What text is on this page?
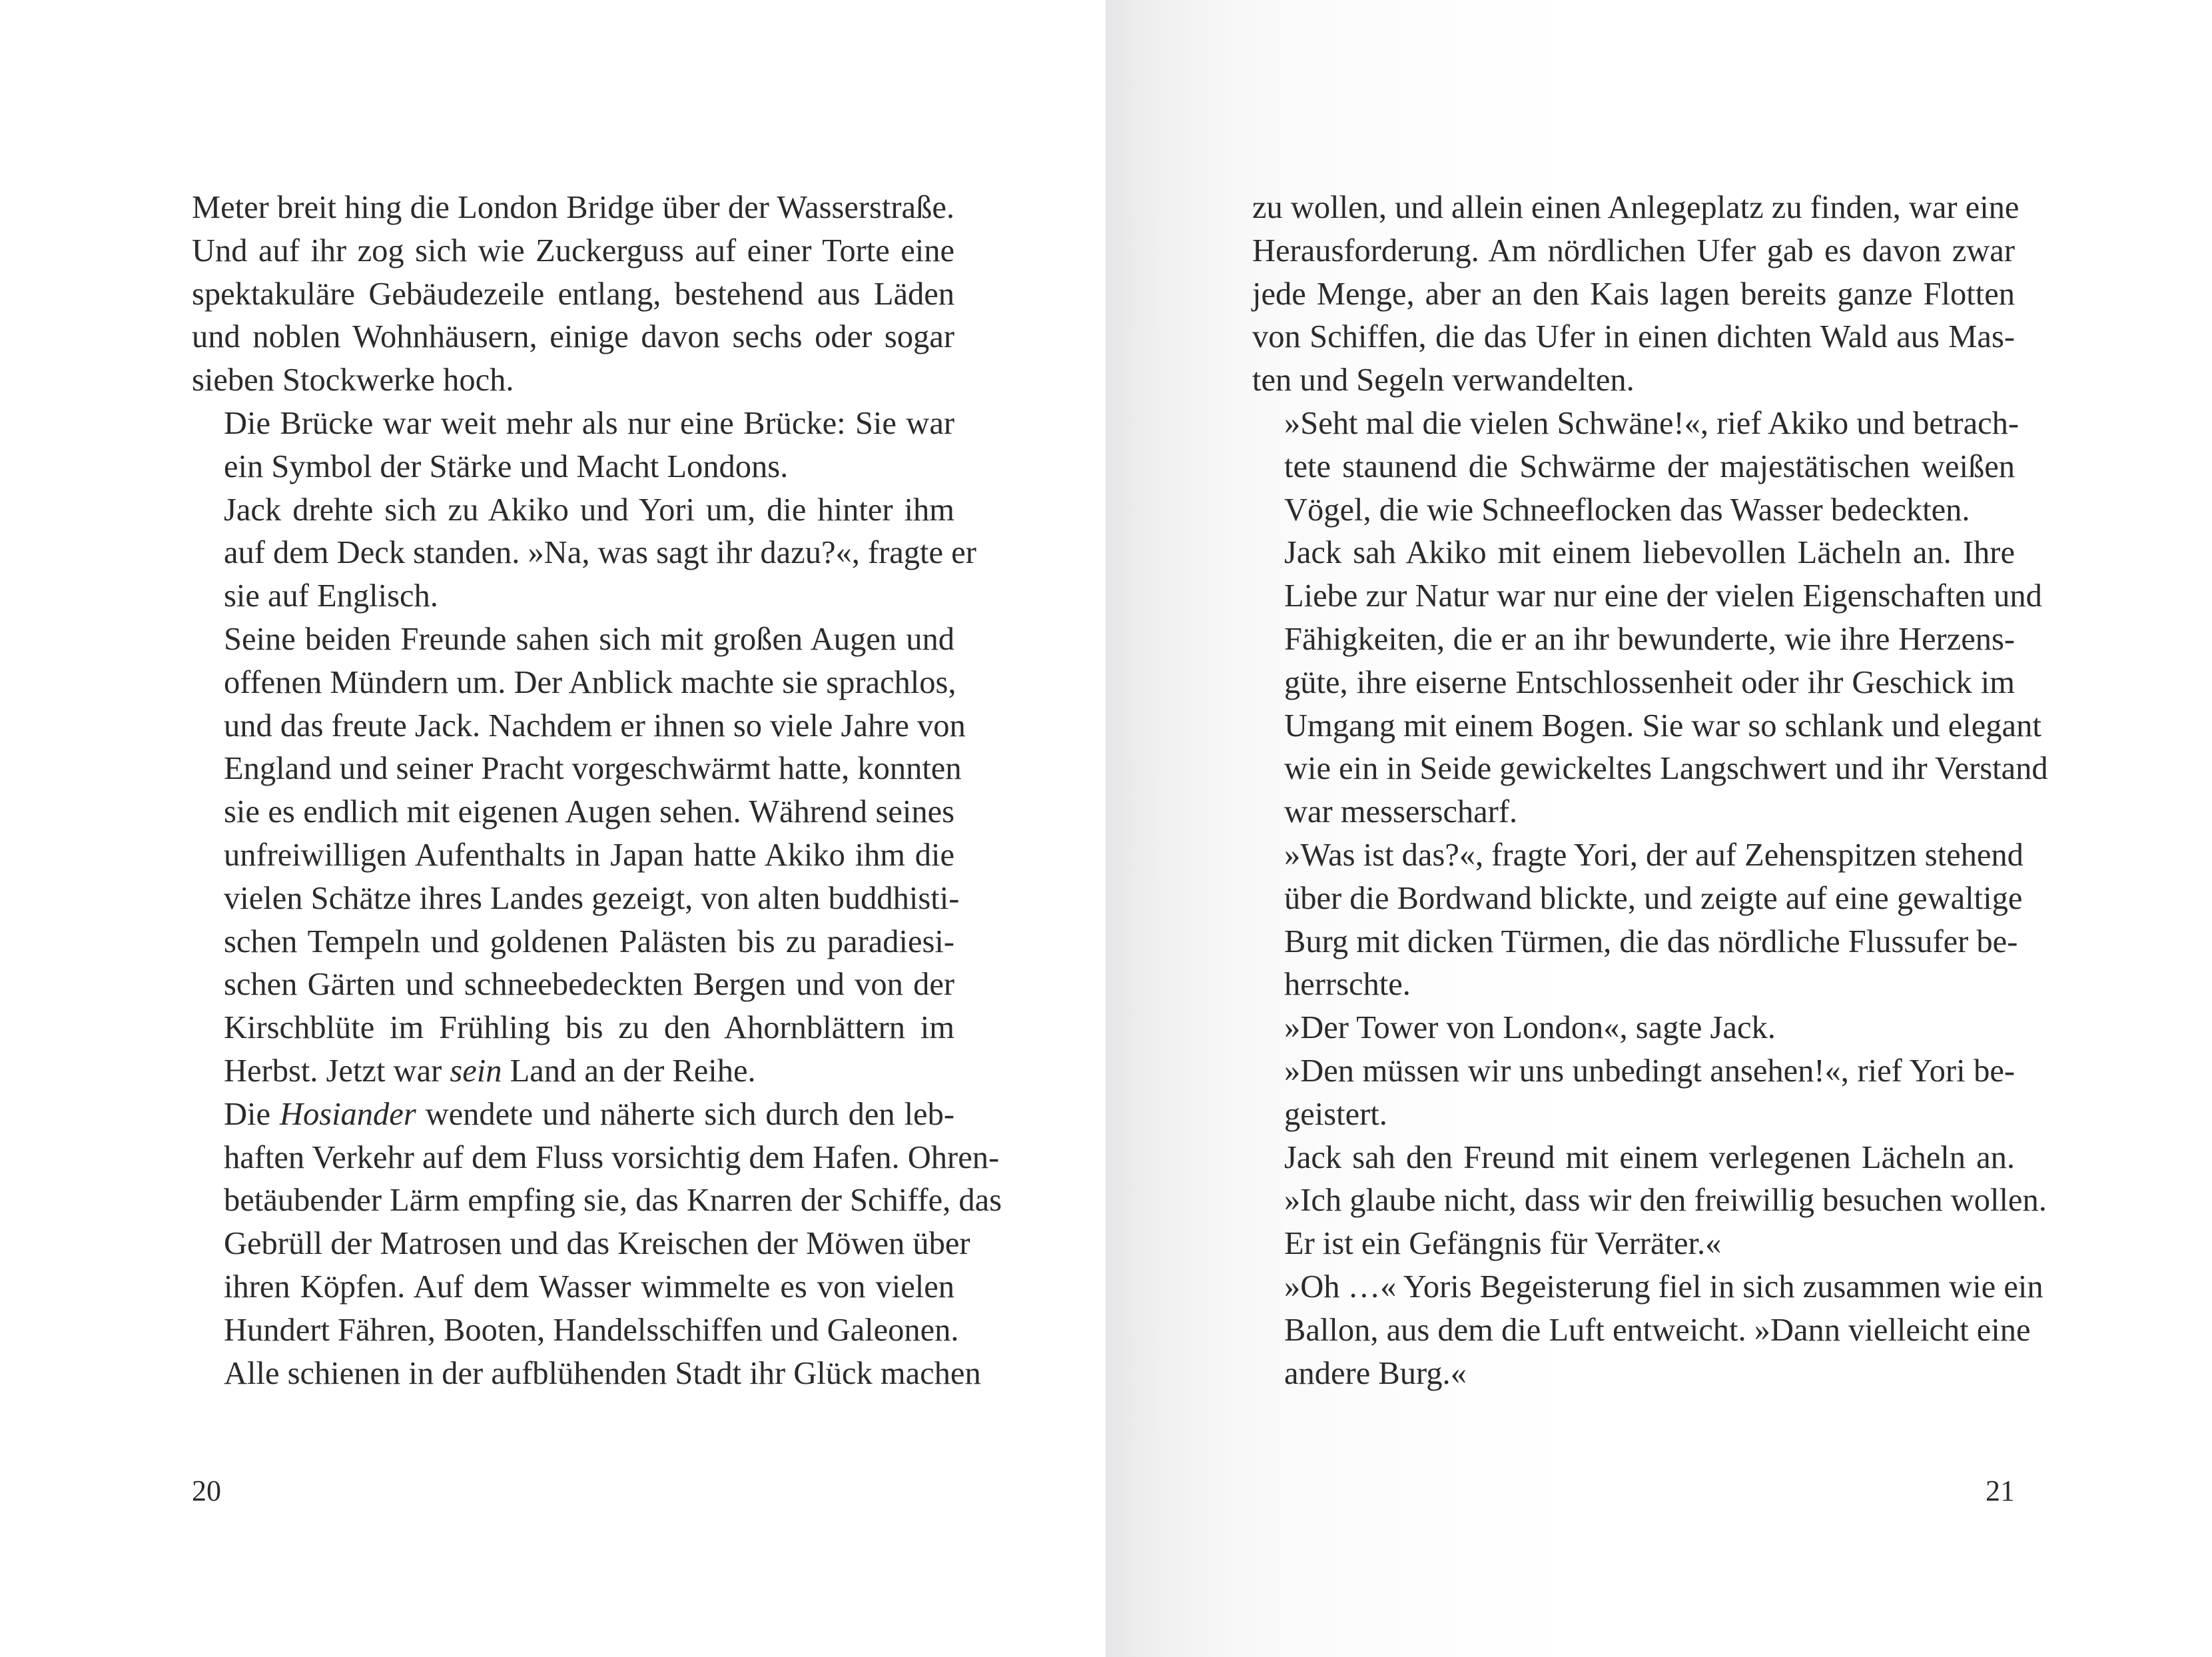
Meter breit hing die London Bridge über der Wasserstraße.
Und auf ihr zog sich wie Zuckerguss auf einer Torte eine
spektakuläre Gebäudezeile entlang, bestehend aus Läden
und noblen Wohnhäusern, einige davon sechs oder sogar
sieben Stockwerke hoch.

Die Brücke war weit mehr als nur eine Brücke: Sie war
ein Symbol der Stärke und Macht Londons.

Jack drehte sich zu Akiko und Yori um, die hinter ihm
auf dem Deck standen. »Na, was sagt ihr dazu?«, fragte er
sie auf Englisch.

Seine beiden Freunde sahen sich mit großen Augen und
offenen Mündern um. Der Anblick machte sie sprachlos,
und das freute Jack. Nachdem er ihnen so viele Jahre von
England und seiner Pracht vorgeschwärmt hatte, konnten
sie es endlich mit eigenen Augen sehen. Während seines
unfreiwilligen Aufenthalts in Japan hatte Akiko ihm die
vielen Schätze ihres Landes gezeigt, von alten buddhisti-
schen Tempeln und goldenen Palästen bis zu paradiesi-
schen Gärten und schneebedeckten Bergen und von der
Kirschblüte im Frühling bis zu den Ahornblättern im
Herbst. Jetzt war sein Land an der Reihe.

Die Hosiander wendete und näherte sich durch den leb-
haften Verkehr auf dem Fluss vorsichtig dem Hafen. Ohren-
betäubender Lärm empfing sie, das Knarren der Schiffe, das
Gebrüll der Matrosen und das Kreischen der Möwen über
ihren Köpfen. Auf dem Wasser wimmelte es von vielen
Hundert Fähren, Booten, Handelsschiffen und Galeonen.
Alle schienen in der aufblühenden Stadt ihr Glück machen

20

zu wollen, und allein einen Anlegeplatz zu finden, war eine
Herausforderung. Am nördlichen Ufer gab es davon zwar
jede Menge, aber an den Kais lagen bereits ganze Flotten
von Schiffen, die das Ufer in einen dichten Wald aus Mas-
ten und Segeln verwandelten.

»Seht mal die vielen Schwäne!«, rief Akiko und betrach-
tete staunend die Schwärme der majestätischen weißen
Vögel, die wie Schneeflocken das Wasser bedeckten.

Jack sah Akiko mit einem liebevollen Lächeln an. Ihre
Liebe zur Natur war nur eine der vielen Eigenschaften und
Fähigkeiten, die er an ihr bewunderte, wie ihre Herzens-
güte, ihre eiserne Entschlossenheit oder ihr Geschick im
Umgang mit einem Bogen. Sie war so schlank und elegant
wie ein in Seide gewickeltes Langschwert und ihr Verstand
war messerscharf.

»Was ist das?«, fragte Yori, der auf Zehenspitzen stehend
über die Bordwand blickte, und zeigte auf eine gewaltige
Burg mit dicken Türmen, die das nördliche Flussufer be-
herrschte.

»Der Tower von London«, sagte Jack.

»Den müssen wir uns unbedingt ansehen!«, rief Yori be-
geistert.

Jack sah den Freund mit einem verlegenen Lächeln an.
»Ich glaube nicht, dass wir den freiwillig besuchen wollen.
Er ist ein Gefängnis für Verräter.«

»Oh …« Yoris Begeisterung fiel in sich zusammen wie ein
Ballon, aus dem die Luft entweicht. »Dann vielleicht eine
andere Burg.«

21
